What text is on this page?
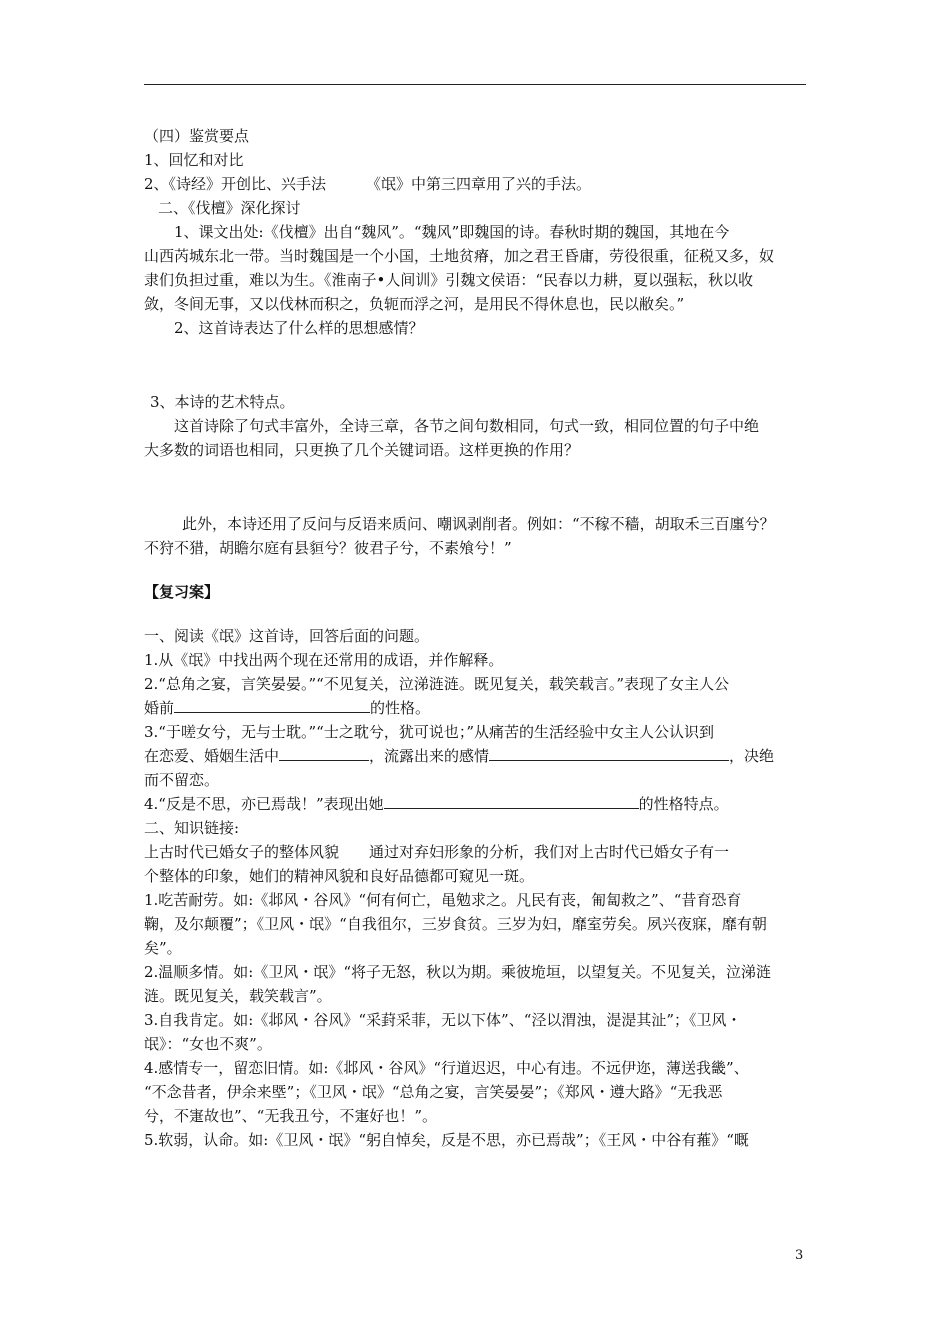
（四）鉴赏要点
1、回忆和对比
2、《诗经》开创比、兴手法	《氓》中第三四章用了兴的手法。
二、《伐檀》深化探讨
1、课文出处:《伐檀》出自“魏风”。“魏风”即魏国的诗。春秋时期的魏国，其地在今
山西芮城东北一带。当时魏国是一个小国，土地贫瘠，加之君王昏庸，劳役很重，征税又多，奴
隶们负担过重，难以为生。《淮南子•人间训》引魏文侯语：“民春以力耕，夏以强耘，秋以收
敛，冬间无事，又以伐林而积之，负轭而浮之河，是用民不得休息也，民以敝矣。”
2、这首诗表达了什么样的思想感情？
3、本诗的艺术特点。
这首诗除了句式丰富外，全诗三章，各节之间句数相同，句式一致，相同位置的句子中绝
大多数的词语也相同，只更换了几个关键词语。这样更换的作用？
此外，本诗还用了反问与反语来质问、嘲讽剥削者。例如：“不稼不穑，胡取禾三百廛兮？
不狩不猎，胡瞻尔庭有县貆兮？彼君子兮，不素飧兮！”
【复习案】
一、阅读《氓》这首诗，回答后面的问题。
1.从《氓》中找出两个现在还常用的成语，并作解释。
2.“总角之宴，言笑晏晏。”“不见复关，泣涕涟涟。既见复关，载笑载言。”表现了女主人公
婚前	的性格。
3.“于嗟女兮，无与士耽。”“士之耽兮，犹可说也；”从痛苦的生活经验中女主人公认识到
在恋爱、婚姻生活中	，流露出来的感情	，决绝
而不留恋。
4.“反是不思，亦已焉哉！”表现出她	的性格特点。
二、知识链接:
上古时代已婚女子的整体风貌 通过对弃妇形象的分析，我们对上古时代已婚女子有一
个整体的印象，她们的精神风貌和良好品德都可窥见一斑。
1.吃苦耐劳。如:《邶风・谷风》“何有何亡，黾勉求之。凡民有丧，匍匐救之”、“昔育恐育
鞠，及尔颠覆”；《卫风・氓》“自我徂尔，三岁食贫。三岁为妇，靡室劳矣。夙兴夜寐，靡有朝
矣”。
2.温顺多情。如:《卫风・氓》“将子无怒，秋以为期。乘彼垝垣，以望复关。不见复关，泣涕涟
涟。既见复关，载笑载言”。
3.自我肯定。如:《邶风・谷风》“采葑采菲，无以下体”、“泾以渭浊，湜湜其沚”；《卫风・
氓》：“女也不爽”。
4.感情专一，留恋旧情。如:《邶风・谷风》“行道迟迟，中心有违。不远伊迩，薄送我畿”、
“不念昔者，伊余来塈”；《卫风・氓》“总角之宴，言笑晏晏”；《郑风・遵大路》“无我恶
兮，不寁故也”、“无我丑兮，不寁好也！”。
5.软弱，认命。如:《卫风・氓》“躬自悼矣，反是不思，亦已焉哉”；《王风・中谷有蓷》“嘅
3
